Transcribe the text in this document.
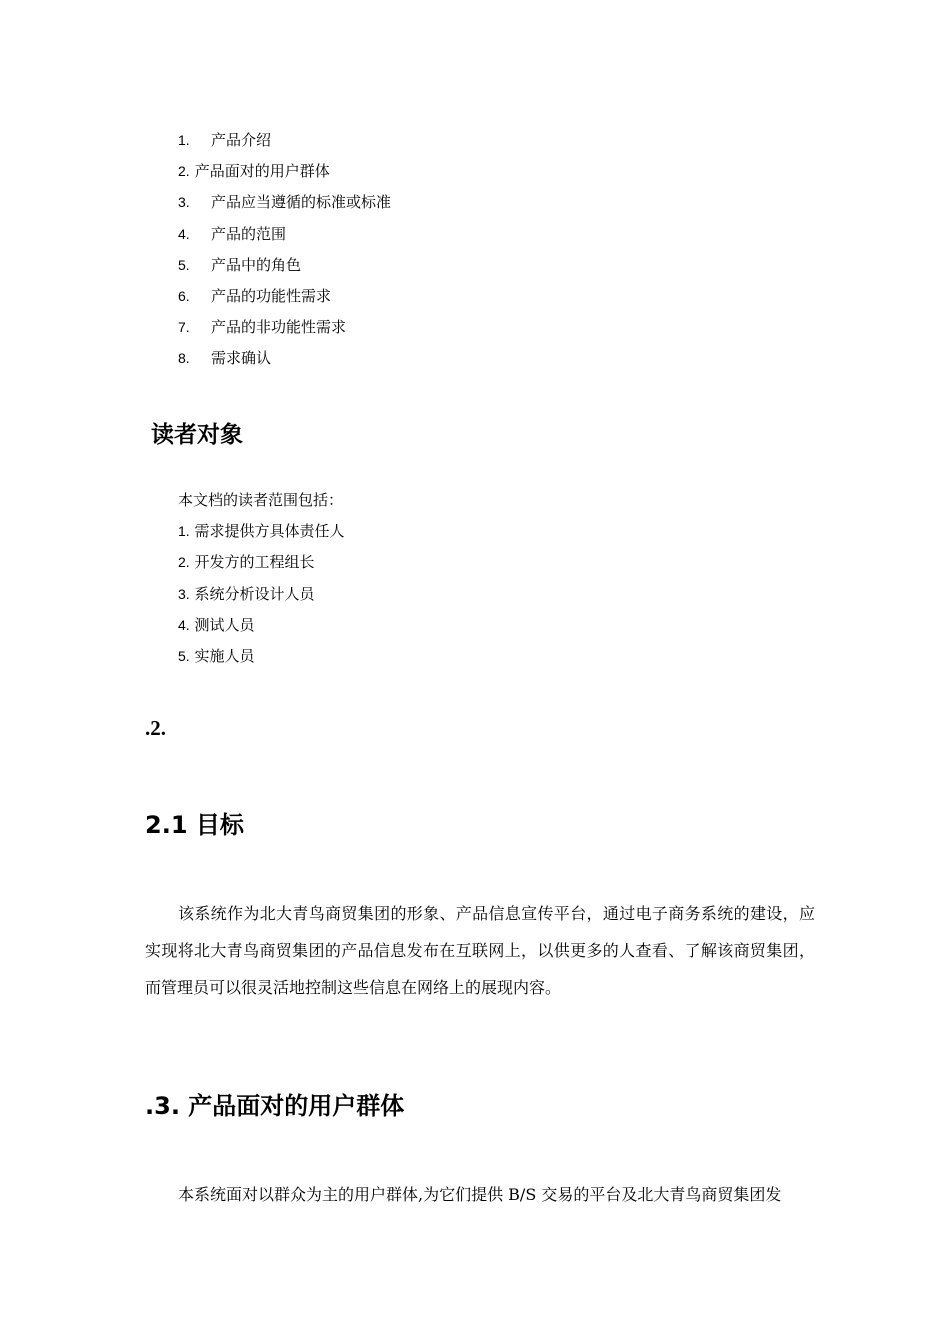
1. 产品介绍
2. 产品面对的用户群体
3. 产品应当遵循的标准或标准
4. 产品的范围
5. 产品中的角色
6. 产品的功能性需求
7. 产品的非功能性需求
8. 需求确认
读者对象
本文档的读者范围包括：
1. 需求提供方具体责任人
2. 开发方的工程组长
3. 系统分析设计人员
4. 测试人员
5. 实施人员
.2.
2.1 目标

该系统作为北大青鸟商贸集团的形象、产品信息宣传平台，通过电子商务系统的建设，应实现将北大青鸟商贸集团的产品信息发布在互联网上，以供更多的人查看、了解该商贸集团，而管理员可以很灵活地控制这些信息在网络上的展现内容。

.3. 产品面对的用户群体

本系统面对以群众为主的用户群体,为它们提供 B/S 交易的平台及北大青鸟商贸集团发
